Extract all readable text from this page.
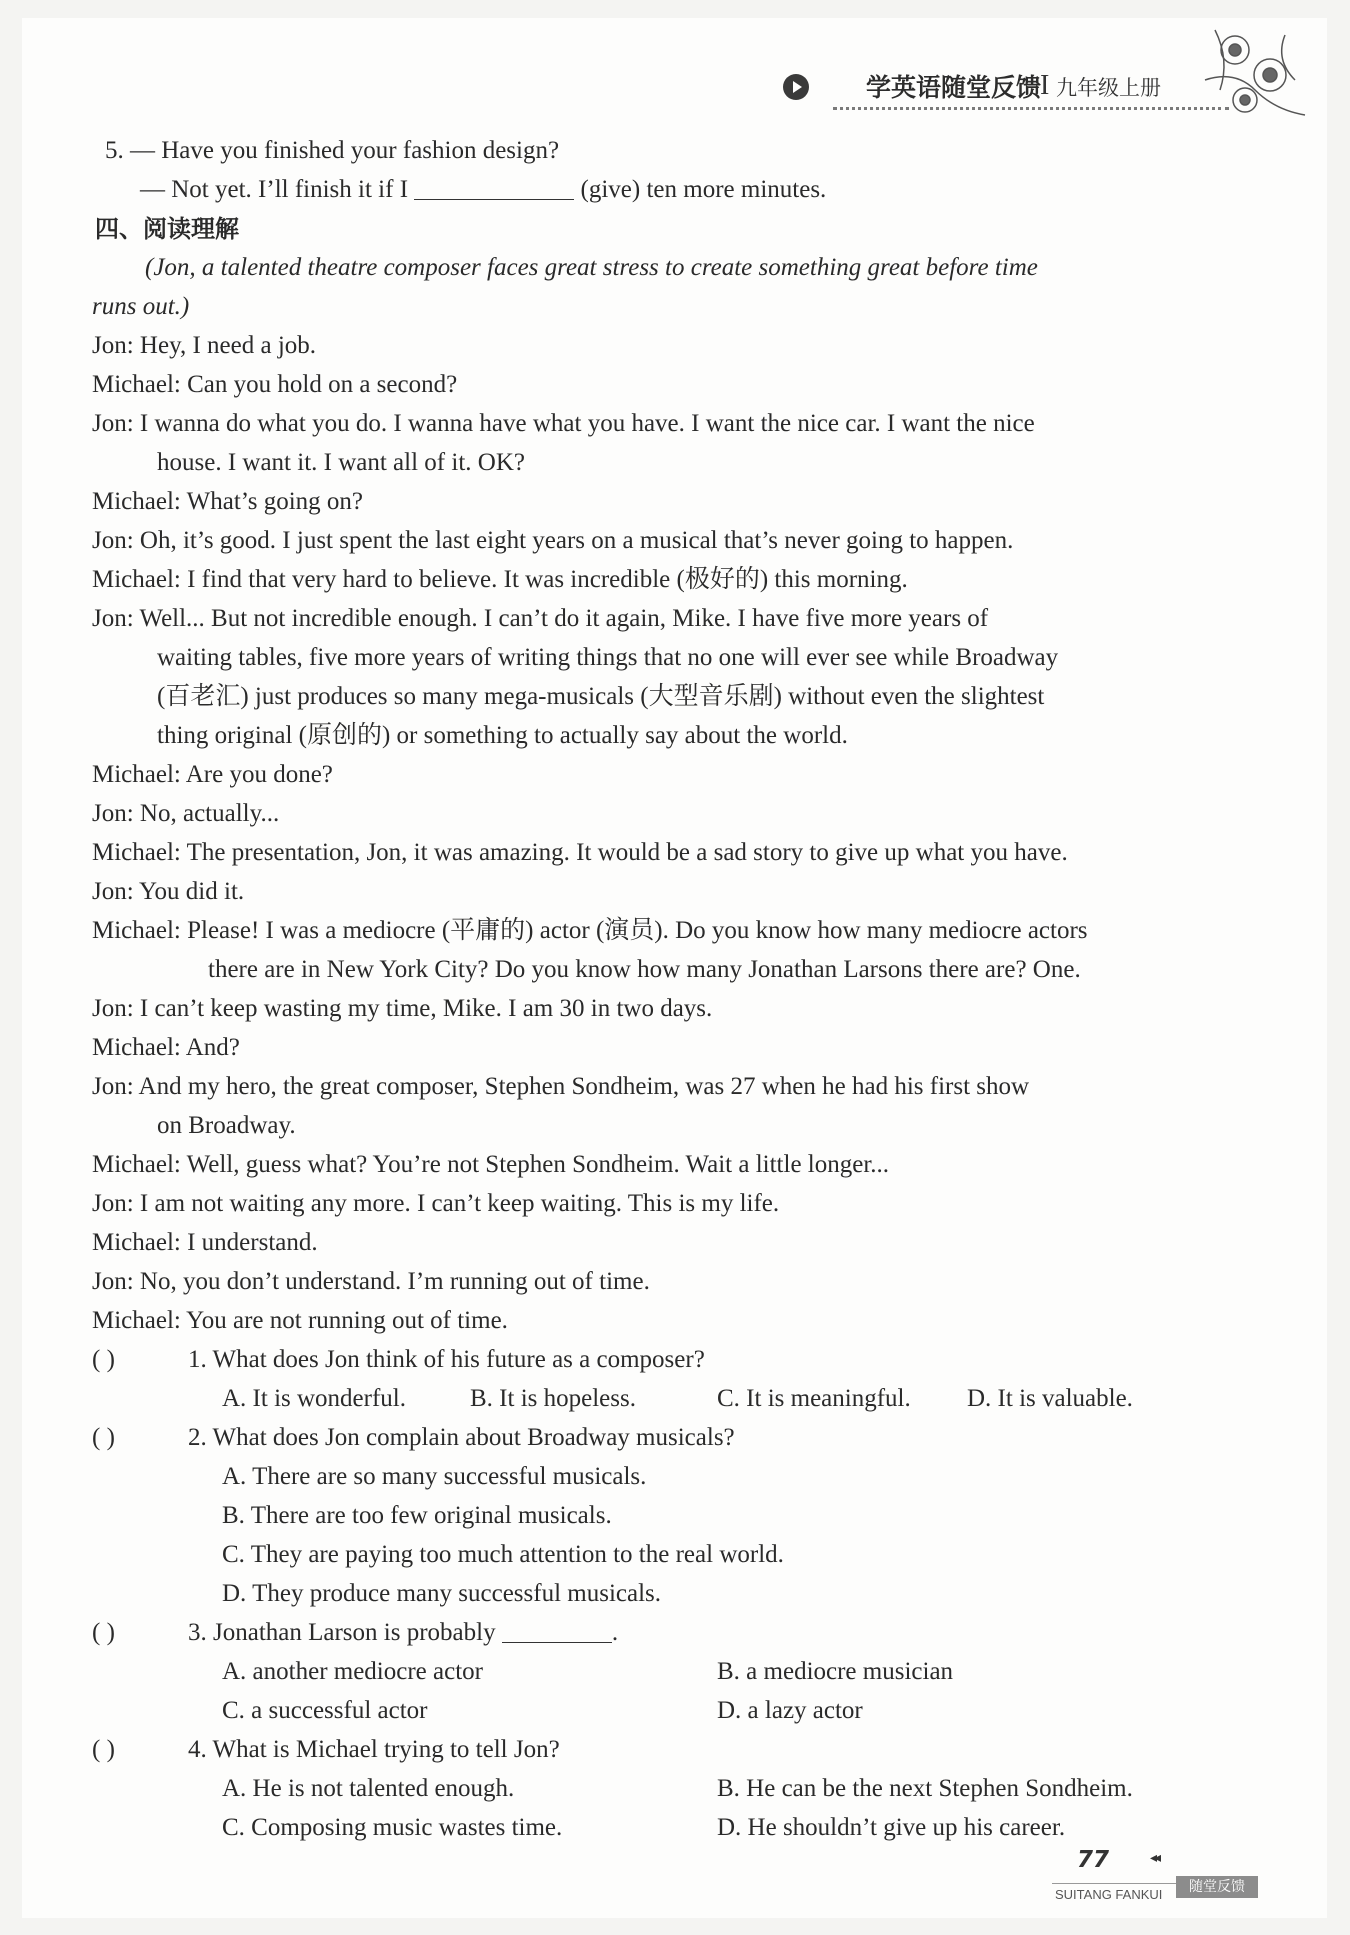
学英语随堂反馈
I 九年级上册
5. — Have you finished your fashion design?
— Not yet. I’ll finish it if I	(give) ten more minutes.
四、阅读理解
(Jon, a talented theatre composer faces great stress to create something great before time
runs out.)
Jon: Hey, I need a job.
Michael: Can you hold on a second?
Jon: I wanna do what you do. I wanna have what you have. I want the nice car. I want the nice
house. I want it. I want all of it. OK?
Michael: What’s going on?
Jon: Oh, it’s good. I just spent the last eight years on a musical that’s never going to happen.
Michael: I find that very hard to believe. It was incredible (极好的) this morning.
Jon: Well... But not incredible enough. I can’t do it again, Mike. I have five more years of
waiting tables, five more years of writing things that no one will ever see while Broadway
(百老汇) just produces so many mega-musicals (大型音乐剧) without even the slightest
thing original (原创的) or something to actually say about the world.
Michael: Are you done?
Jon: No, actually...
Michael: The presentation, Jon, it was amazing. It would be a sad story to give up what you have.
Jon: You did it.
Michael: Please! I was a mediocre (平庸的) actor (演员). Do you know how many mediocre actors
there are in New York City? Do you know how many Jonathan Larsons there are? One.
Jon: I can’t keep wasting my time, Mike. I am 30 in two days.
Michael: And?
Jon: And my hero, the great composer, Stephen Sondheim, was 27 when he had his first show
on Broadway.
Michael: Well, guess what? You’re not Stephen Sondheim. Wait a little longer...
Jon: I am not waiting any more. I can’t keep waiting. This is my life.
Michael: I understand.
Jon: No, you don’t understand. I’m running out of time.
Michael: You are not running out of time.
( )	1. What does Jon think of his future as a composer?
A. It is wonderful.	B. It is hopeless.	C. It is meaningful. D. It is valuable.
( )	2. What does Jon complain about Broadway musicals?
A. There are so many successful musicals.
B. There are too few original musicals.
C. They are paying too much attention to the real world.
D. They produce many successful musicals.
( )	3. Jonathan Larson is probably	.
A. another mediocre actor	B. a mediocre musician
C. a successful actor	D. a lazy actor
( )	4. What is Michael trying to tell Jon?
A. He is not talented enough.	B. He can be the next Stephen Sondheim.
C. Composing music wastes time.	D. He shouldn’t give up his career.
77	◂◂
SUITANG FANKUI	随堂反馈
